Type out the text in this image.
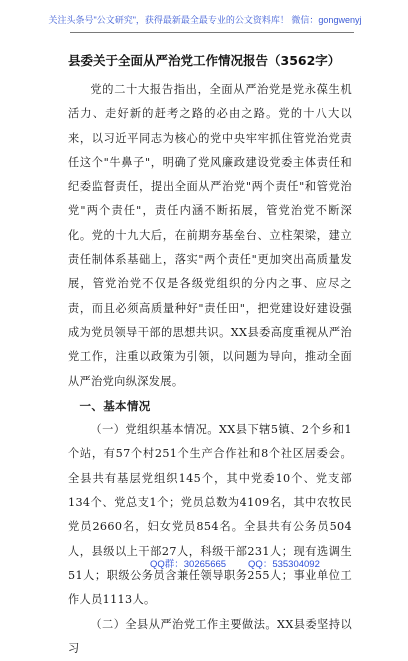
关注头条号"公文研究"，获得最新最全最专业的公文资料库！ 微信：gongwenyj
县委关于全面从严治党工作情况报告（3562字）

党的二十大报告指出，全面从严治党是党永葆生机活力、走好新的赶考之路的必由之路。党的十八大以来，以习近平同志为核心的党中央牢牢抓住管党治党责任这个"牛鼻子"，明确了党风廉政建设党委主体责任和纪委监督责任，提出全面从严治党"两个责任"和管党治党"两个责任"，责任内涵不断拓展，管党治党不断深化。党的十九大后，在前期夯基垒台、立柱架梁，建立责任制体系基础上，落实"两个责任"更加突出高质量发展，管党治党不仅是各级党组织的分内之事、应尽之责，而且必须高质量种好"责任田"，把党建设好建设强成为党员领导干部的思想共识。XX县委高度重视从严治党工作，注重以政策为引领，以问题为导向，推动全面从严治党向纵深发展。

一、基本情况

（一）党组织基本情况。XX县下辖5镇、2个乡和1个站，有57个村251个生产合作社和8个社区居委会。全县共有基层党组织145个，其中党委10个、党支部134个、党总支1个；党员总数为4109名，其中农牧民党员2660名，妇女党员854名。全县共有公务员504人，县级以上干部27人，科级干部231人；现有选调生51人；职级公务员含兼任领导职务255人；事业单位工作人员1113人。

（二）全县从严治党工作主要做法。XX县委坚持以习

QQ群：30265665 QQ：535304092
